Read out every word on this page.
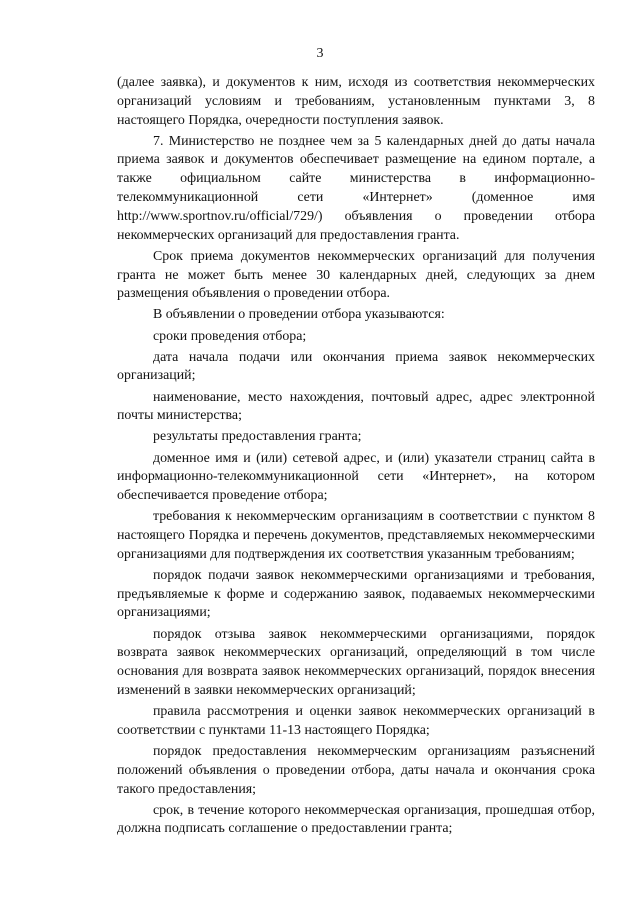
3

(далее заявка), и документов к ним, исходя из соответствия некоммерческих организаций условиям и требованиям, установленным пунктами 3, 8 настоящего Порядка, очередности поступления заявок.

7. Министерство не позднее чем за 5 календарных дней до даты начала приема заявок и документов обеспечивает размещение на едином портале, а также официальном сайте министерства в информационно-телекоммуникационной сети «Интернет» (доменное имя http://www.sportnov.ru/official/729/) объявления о проведении отбора некоммерческих организаций для предоставления гранта.

Срок приема документов некоммерческих организаций для получения гранта не может быть менее 30 календарных дней, следующих за днем размещения объявления о проведении отбора.

В объявлении о проведении отбора указываются:

сроки проведения отбора;

дата начала подачи или окончания приема заявок некоммерческих организаций;

наименование, место нахождения, почтовый адрес, адрес электронной почты министерства;

результаты предоставления гранта;

доменное имя и (или) сетевой адрес, и (или) указатели страниц сайта в информационно-телекоммуникационной сети «Интернет», на котором обеспечивается проведение отбора;

требования к некоммерческим организациям в соответствии с пунктом 8 настоящего Порядка и перечень документов, представляемых некоммерческими организациями для подтверждения их соответствия указанным требованиям;

порядок подачи заявок некоммерческими организациями и требования, предъявляемые к форме и содержанию заявок, подаваемых некоммерческими организациями;

порядок отзыва заявок некоммерческими организациями, порядок возврата заявок некоммерческих организаций, определяющий в том числе основания для возврата заявок некоммерческих организаций, порядок внесения изменений в заявки некоммерческих организаций;

правила рассмотрения и оценки заявок некоммерческих организаций в соответствии с пунктами 11-13 настоящего Порядка;

порядок предоставления некоммерческим организациям разъяснений положений объявления о проведении отбора, даты начала и окончания срока такого предоставления;

срок, в течение которого некоммерческая организация, прошедшая отбор, должна подписать соглашение о предоставлении гранта;
